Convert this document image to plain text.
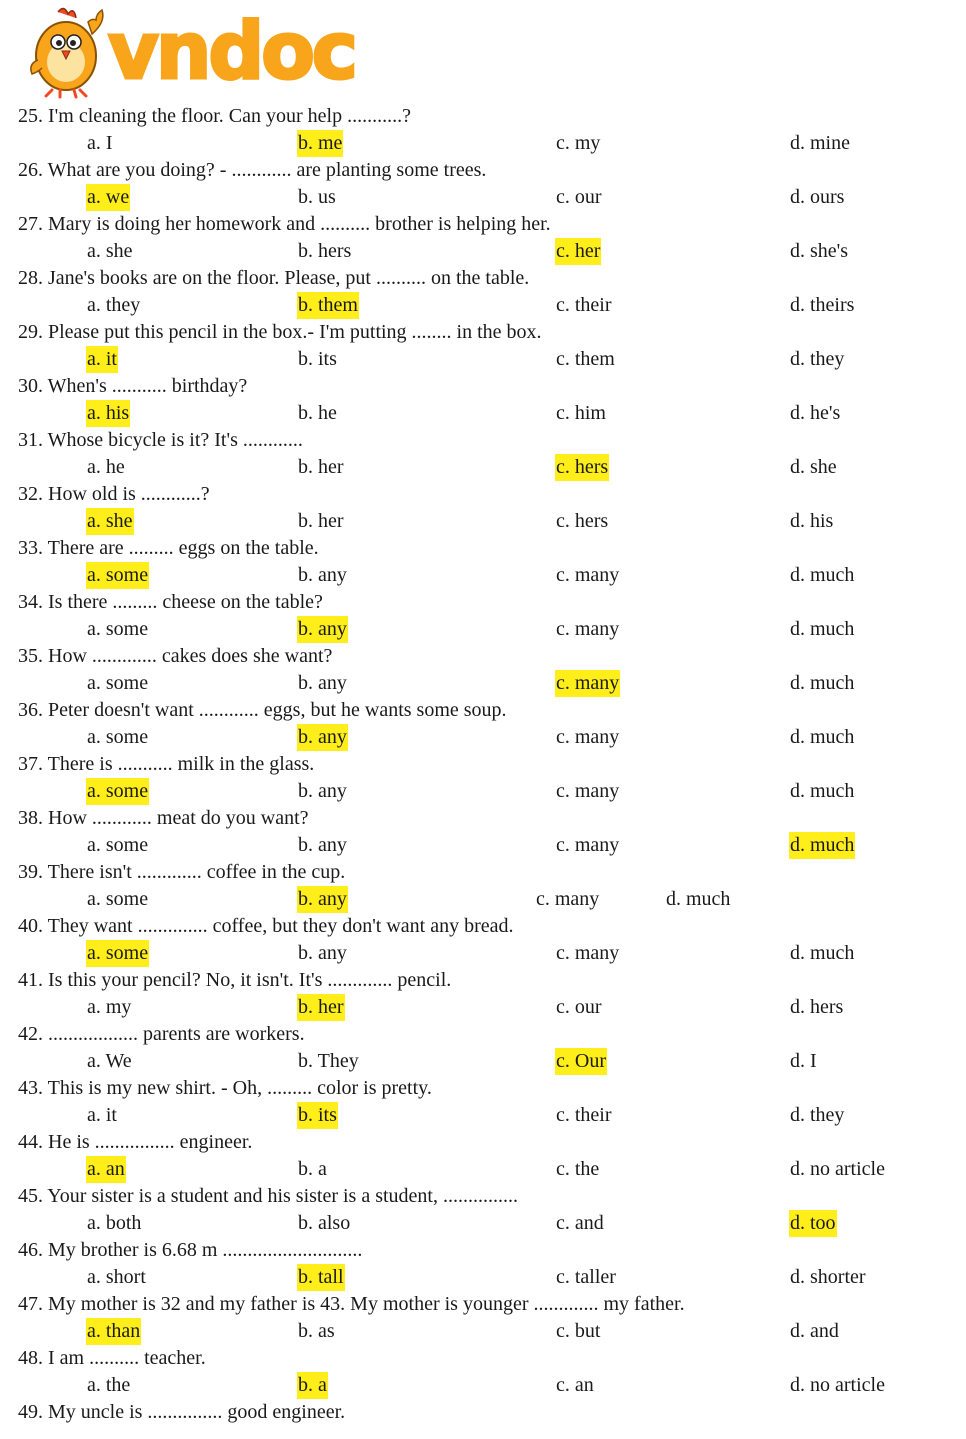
vndoc
25. I'm cleaning the floor. Can your help ...........?
a. I	b. me	c. my	d. mine
26. What are you doing? - ............ are planting some trees.
a. we	b. us	c. our	d. ours
27. Mary is doing her homework and .......... brother is helping her.
a. she	b. hers	c. her	d. she's
28. Jane's books are on the floor. Please, put .......... on the table.
a. they	b. them	c. their	d. theirs
29. Please put this pencil in the box.- I'm putting ........ in the box.
a. it	b. its	c. them	d. they
30. When's ........... birthday?
a. his	b. he	c. him	d. he's
31. Whose bicycle is it? It's ............
a. he	b. her	c. hers	d. she
32. How old is ............?
a. she	b. her	c. hers	d. his
33. There are ......... eggs on the table.
a. some	b. any	c. many	d. much
34. Is there ......... cheese on the table?
a. some	b. any	c. many	d. much
35. How ............. cakes does she want?
a. some	b. any	c. many	d. much
36. Peter doesn't want ............ eggs, but he wants some soup.
a. some	b. any	c. many	d. much
37. There is ........... milk in the glass.
a. some	b. any	c. many	d. much
38. How ............ meat do you want?
a. some	b. any	c. many	d. much
39. There isn't ............. coffee in the cup.
a. some	b. any	c. many	d. much
40. They want .............. coffee, but they don't want any bread.
a. some	b. any	c. many	d. much
41. Is this your pencil? No, it isn't. It's ............. pencil.
a. my	b. her	c. our	d. hers
42. .................. parents are workers.
a. We	b. They	c. Our	d. I
43. This is my new shirt. - Oh, ......... color is pretty.
a. it	b. its	c. their	d. they
44. He is ................ engineer.
a. an	b. a	c. the	d. no article
45. Your sister is a student and his sister is a student, ...............
a. both	b. also	c. and	d. too
46. My brother is 6.68 m ............................
a. short	b. tall	c. taller	d. shorter
47. My mother is 32 and my father is 43. My mother is younger ............. my father.
a. than	b. as	c. but	d. and
48. I am .......... teacher.
a. the	b. a	c. an	d. no article
49. My uncle is ............... good engineer.
